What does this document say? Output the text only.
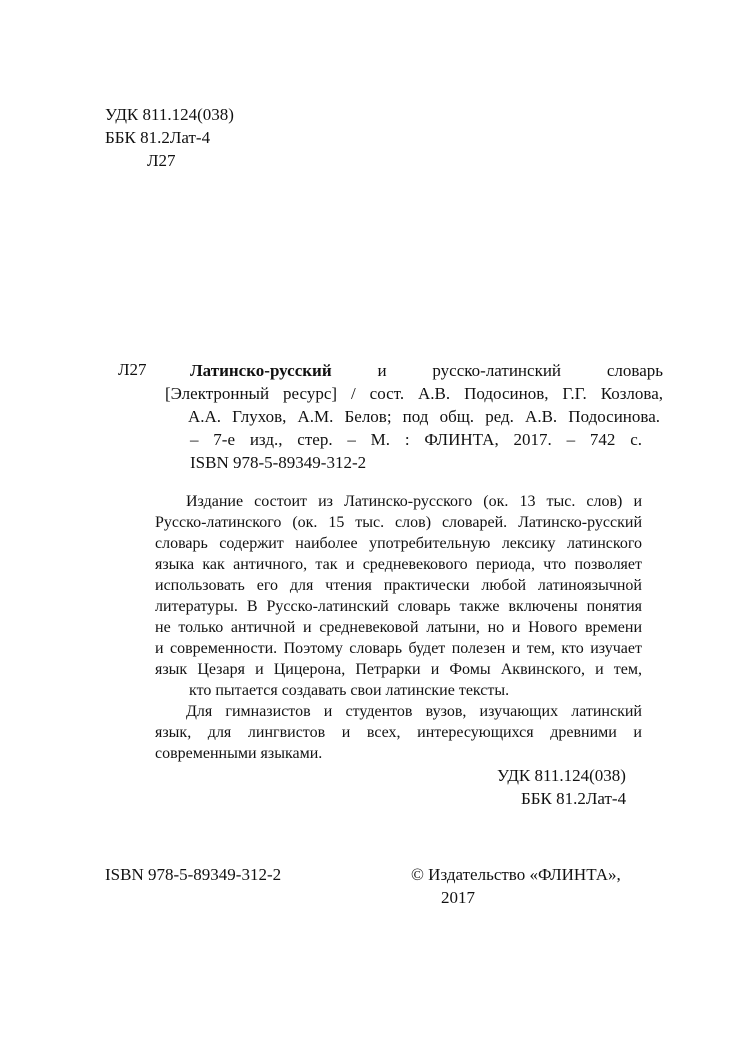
УДК 811.124(038)
ББК 81.2Лат-4
Л27
Л27	Латинско-русский	и русско-латинский словарь
[Электронный ресурс] / сост. А.В. Подосинов, Г.Г. Козлова,
А.А. Глухов, А.М. Белов; под общ. ред. А.В. Подосинова.
– 7-е изд., стер. – М. : ФЛИНТА, 2017. – 742 с.
ISBN 978-5-89349-312-2
Издание состоит из Латинско-русского (ок. 13 тыс. слов) и
Русско-латинского (ок. 15 тыс. слов) словарей. Латинско-русский
словарь содержит наиболее употребительную лексику латинского
языка как античного, так и средневекового периода, что позволяет
использовать его для чтения практически любой латиноязычной
литературы. В Русско-латинский словарь также включены понятия
не только античной и средневековой латыни, но и Нового времени
и современности. Поэтому словарь будет полезен и тем, кто изучает
язык Цезаря и Цицерона, Петрарки и Фомы Аквинского, и тем,
кто пытается создавать свои латинские тексты.
Для гимназистов и студентов вузов, изучающих латинский
язык, для лингвистов и всех, интересующихся древними и
современными языками.
УДК 811.124(038)
ББК 81.2Лат-4
ISBN 978-5-89349-312-2	© Издательство «ФЛИНТА»,
2017
